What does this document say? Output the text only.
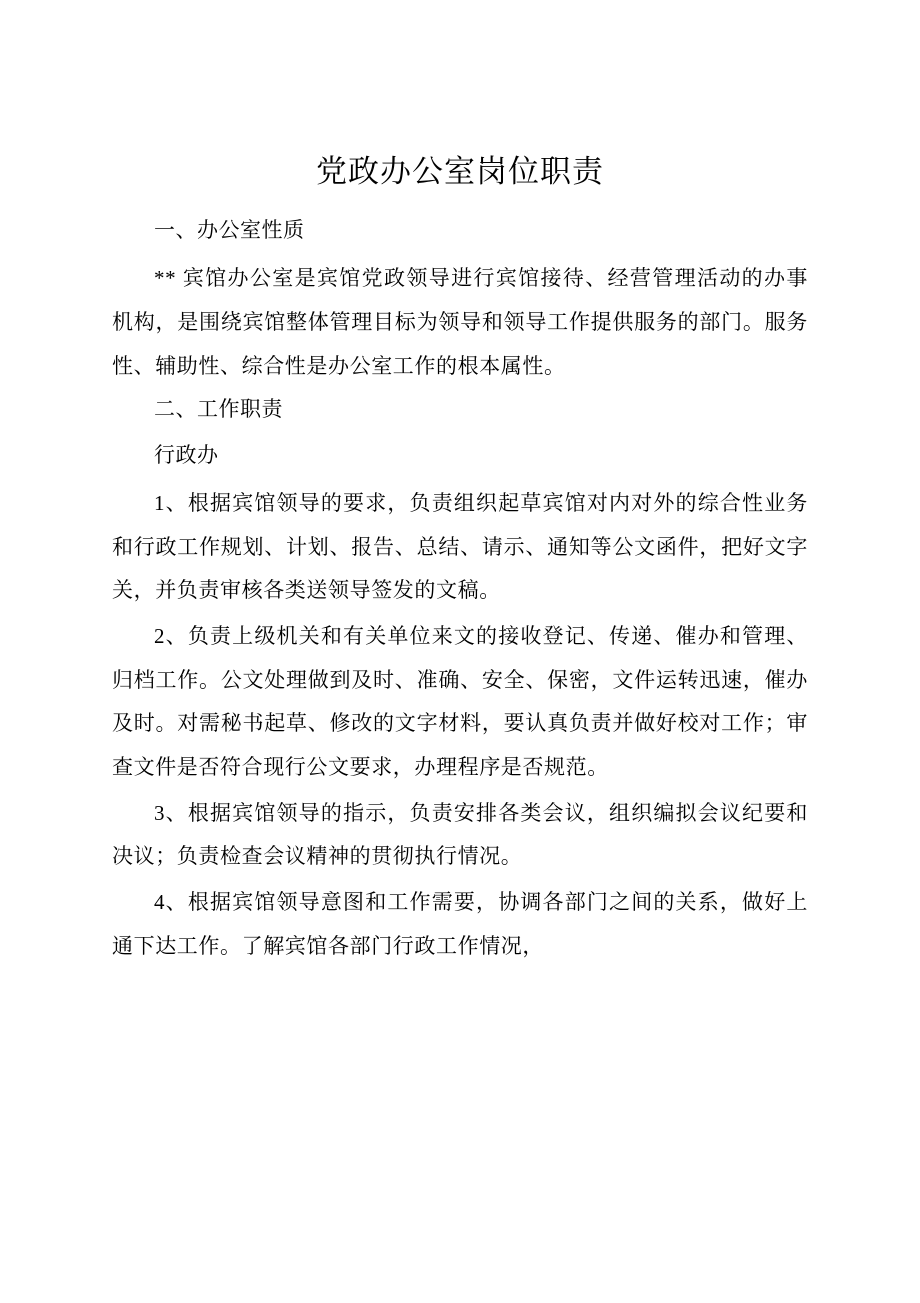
党政办公室岗位职责
一、办公室性质
** 宾馆办公室是宾馆党政领导进行宾馆接待、经营管理活动的办事机构，是围绕宾馆整体管理目标为领导和领导工作提供服务的部门。服务性、辅助性、综合性是办公室工作的根本属性。
二、工作职责
行政办
1、根据宾馆领导的要求，负责组织起草宾馆对内对外的综合性业务和行政工作规划、计划、报告、总结、请示、通知等公文函件，把好文字关，并负责审核各类送领导签发的文稿。
2、负责上级机关和有关单位来文的接收登记、传递、催办和管理、归档工作。公文处理做到及时、准确、安全、保密，文件运转迅速，催办及时。对需秘书起草、修改的文字材料，要认真负责并做好校对工作；审查文件是否符合现行公文要求，办理程序是否规范。
3、根据宾馆领导的指示，负责安排各类会议，组织编拟会议纪要和决议；负责检查会议精神的贯彻执行情况。
4、根据宾馆领导意图和工作需要，协调各部门之间的关系，做好上通下达工作。了解宾馆各部门行政工作情况，
